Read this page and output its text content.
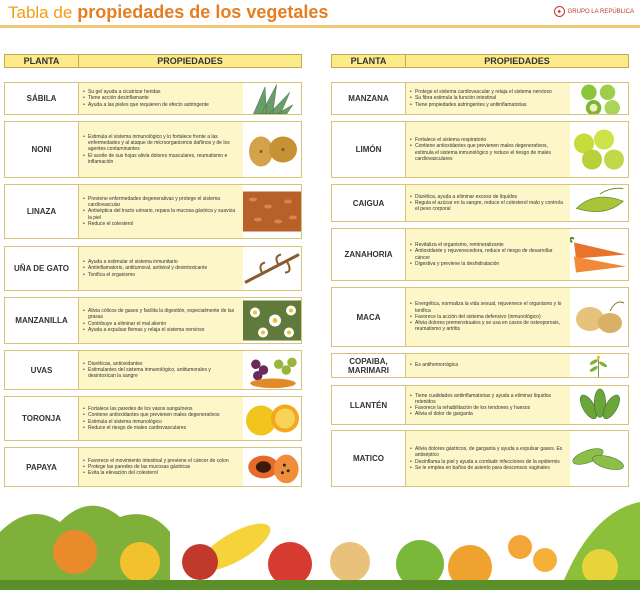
Tabla de propiedades de los vegetales	✦ GRUPO LA REPÚBLICA
PLANTA	PROPIEDADES
SÁBILA
• Su gel ayuda a cicatrizar heridas
• Tiene acción desinflamante
• Ayuda a las pieles que requieren de efecto astringente
NONI
• Estimula el sistema inmunológico y lo fortalece frente a las enfermedades y al ataque de microorganismos dañinos y de los agentes contaminantes
• El aceite de sus hojas alivia dolores musculares, reumatismo e inflamación
LINAZA
• Previene enfermedades degenerativas y protege el sistema cardiovascular
• Antiséptica del tracto urinario, repara la mucosa gástrica y suaviza la piel
• Reduce el colesterol
UÑA DE GATO
• Ayuda a estimular el sistema inmunitario
• Antiinflamatorio, antitumoral, antiviral y desintoxicante
• Tonifica el organismo
MANZANILLA
• Alivia cólicos de gases y facilita la digestión, especialmente de las grasas
• Contribuye a eliminar el mal aliento
• Ayuda a expulsar flemas y relaja el sistema nervioso
UVAS
• Diuréticas, antioxidantes
• Estimulantes del sistema inmunológico, antitumorales y desintoxican la sangre
TORONJA
• Fortalece las paredes de los vasos sanguíneos
• Contiene antioxidantes que previenen males degenerativos
• Estimula el sistema inmunológico
• Reduce el riesgo de males cardiovasculares
PAPAYA
• Favorece el movimiento intestinal y previene el cáncer de colon
• Protege las paredes de las mucosas gástricas
• Evita la elevación del colesterol
PLANTA	PROPIEDADES
MANZANA
• Protege el sistema cardiovascular y relaja el sistema nervioso
• Su fibra estimula la función intestinal
• Tiene propiedades astringentes y antiinflamatorias
LIMÓN
• Fortalece el sistema respiratorio
• Contiene antioxidantes que previenen males degenerativos, estimula el sistema inmunológico y reduce el riesgo de males cardiovasculares
CAIGUA
• Diurética, ayuda a eliminar exceso de líquidos
• Regula el azúcar en la sangre, reduce el colesterol malo y controla el peso corporal
ZANAHORIA
• Revitaliza el organismo, remineralizante
• Antioxidante y rejuvenecedora, reduce el riesgo de desarrollar cáncer
• Digestiva y previene la deshidratación
MACA
• Energética, normaliza la vida sexual, rejuvenece el organismo y lo tonifica
• Favorece la acción del sistema defensivo (inmunológico)
• Alivia dolores premenstruales y se usa en casos de osteoporosis, reumatismo y artritis
COPAIBA, MARIMARI
• Es antihemorrágica
LLANTÉN
• Tiene cualidades antiinflamatorias y ayuda a eliminar líquidos retenidos
• Favorece la rehabilitación de los tendones y huesos
• Alivia el dolor de garganta
MATICO
• Alivia dolores gástricos, de garganta y ayuda a expulsar gases. Es antiséptico
• Desinflama la piel y ayuda a combatir infecciones de la epidermis
• Se le emplea en baños de asiento para descensos vaginales
